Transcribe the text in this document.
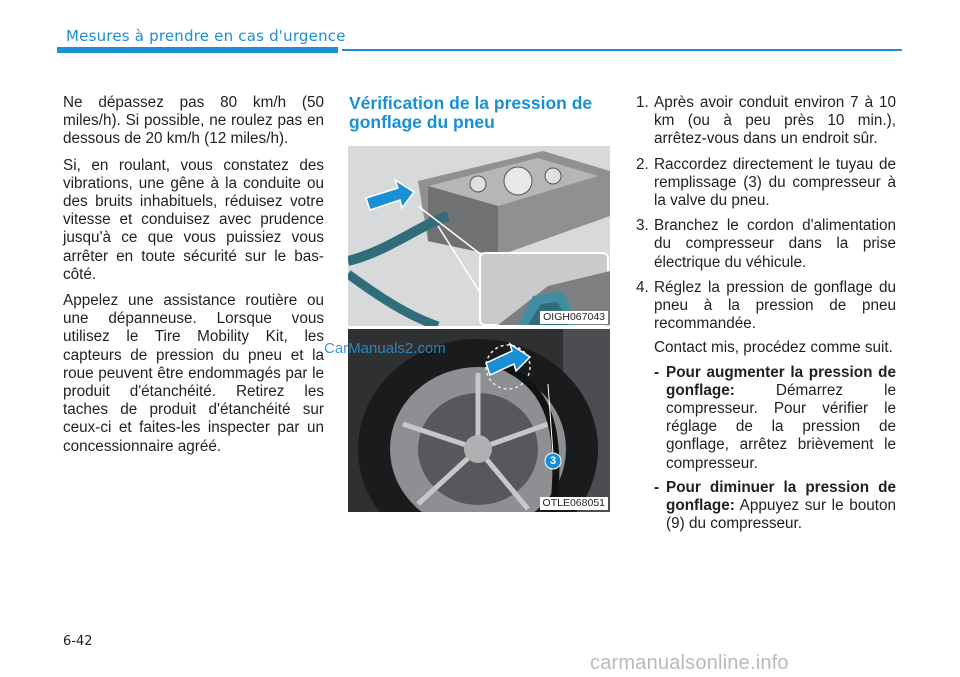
Mesures à prendre en cas d'urgence

Ne dépassez pas 80 km/h (50 miles/h). Si possible, ne roulez pas en dessous de 20 km/h (12 miles/h).

Si, en roulant, vous constatez des vibrations, une gêne à la conduite ou des bruits inhabituels, réduisez votre vitesse et conduisez avec prudence jusqu'à ce que vous puissiez vous arrêter en toute sécurité sur le bas-côté.

Appelez une assistance routière ou une dépanneuse. Lorsque vous utilisez le Tire Mobility Kit, les capteurs de pression du pneu et la roue peuvent être endommagés par le produit d'étanchéité. Retirez les taches de produit d'étanchéité sur ceux-ci et faites-les inspecter par un concessionnaire agréé.

Vérification de la pression de gonflage du pneu
OIGH067043
3
OTLE068051
1. Après avoir conduit environ 7 à 10 km (ou à peu près 10 min.), arrêtez-vous dans un endroit sûr.
2. Raccordez directement le tuyau de remplissage (3) du compresseur à la valve du pneu.
3. Branchez le cordon d'alimentation du compresseur dans la prise électrique du véhicule.
4. Réglez la pression de gonflage du pneu à la pression de pneu recommandée.

Contact mis, procédez comme suit.

- Pour augmenter la pression de gonflage: Démarrez le compresseur. Pour vérifier le réglage de la pression de gonflage, arrêtez brièvement le compresseur.
- Pour diminuer la pression de gonflage: Appuyez sur le bouton (9) du compresseur.
CarManuals2.com
6-42
carmanualsonline.info
